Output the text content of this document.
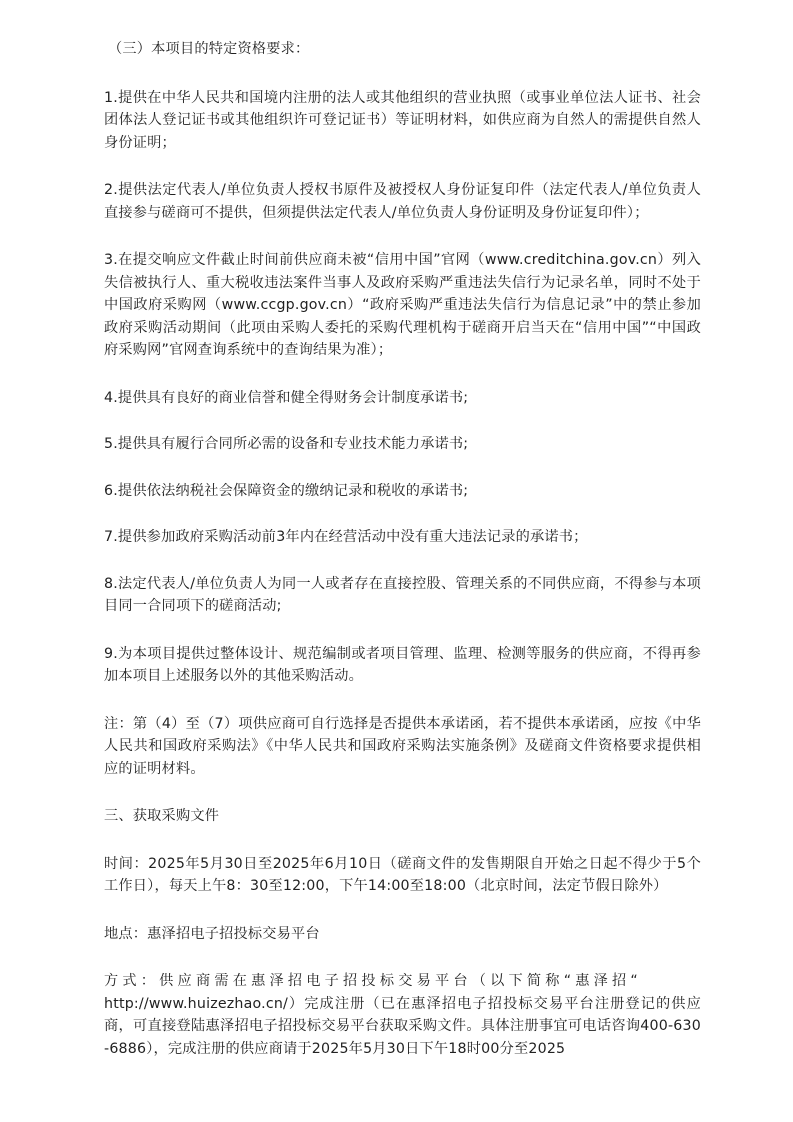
（三）本项目的特定资格要求：

1.提供在中华人民共和国境内注册的法人或其他组织的营业执照（或事业单位法人证书、社会团体法人登记证书或其他组织许可登记证书）等证明材料，如供应商为自然人的需提供自然人身份证明；

2.提供法定代表人/单位负责人授权书原件及被授权人身份证复印件（法定代表人/单位负责人直接参与磋商可不提供，但须提供法定代表人/单位负责人身份证明及身份证复印件）；

3.在提交响应文件截止时间前供应商未被“信用中国”官网（www.creditchina.gov.cn）列入失信被执行人、重大税收违法案件当事人及政府采购严重违法失信行为记录名单，同时不处于中国政府采购网（www.ccgp.gov.cn）“政府采购严重违法失信行为信息记录”中的禁止参加政府采购活动期间（此项由采购人委托的采购代理机构于磋商开启当天在“信用中国”“中国政府采购网”官网查询系统中的查询结果为准）；

4.提供具有良好的商业信誉和健全得财务会计制度承诺书;

5.提供具有履行合同所必需的设备和专业技术能力承诺书;

6.提供依法纳税社会保障资金的缴纳记录和税收的承诺书;

7.提供参加政府采购活动前3年内在经营活动中没有重大违法记录的承诺书；

8.法定代表人/单位负责人为同一人或者存在直接控股、管理关系的不同供应商，不得参与本项目同一合同项下的磋商活动;

9.为本项目提供过整体设计、规范编制或者项目管理、监理、检测等服务的供应商，不得再参加本项目上述服务以外的其他采购活动。

注：第（4）至（7）项供应商可自行选择是否提供本承诺函，若不提供本承诺函，应按《中华人民共和国政府采购法》《中华人民共和国政府采购法实施条例》及磋商文件资格要求提供相应的证明材料。

三、获取采购文件

时间：2025年5月30日至2025年6月10日（磋商文件的发售期限自开始之日起不得少于5个工作日），每天上午8：30至12:00，下午14:00至18:00（北京时间，法定节假日除外）

地点：惠泽招电子招投标交易平台

方式：供应商需在惠泽招电子招投标交易平台（以下简称“惠泽招“
http://www.huizezhao.cn/）完成注册（已在惠泽招电子招投标交易平台注册登记的供应商，可直接登陆惠泽招电子招投标交易平台获取采购文件。具体注册事宜可电话咨询400-630-6886），完成注册的供应商请于2025年5月30日下午18时00分至2025
